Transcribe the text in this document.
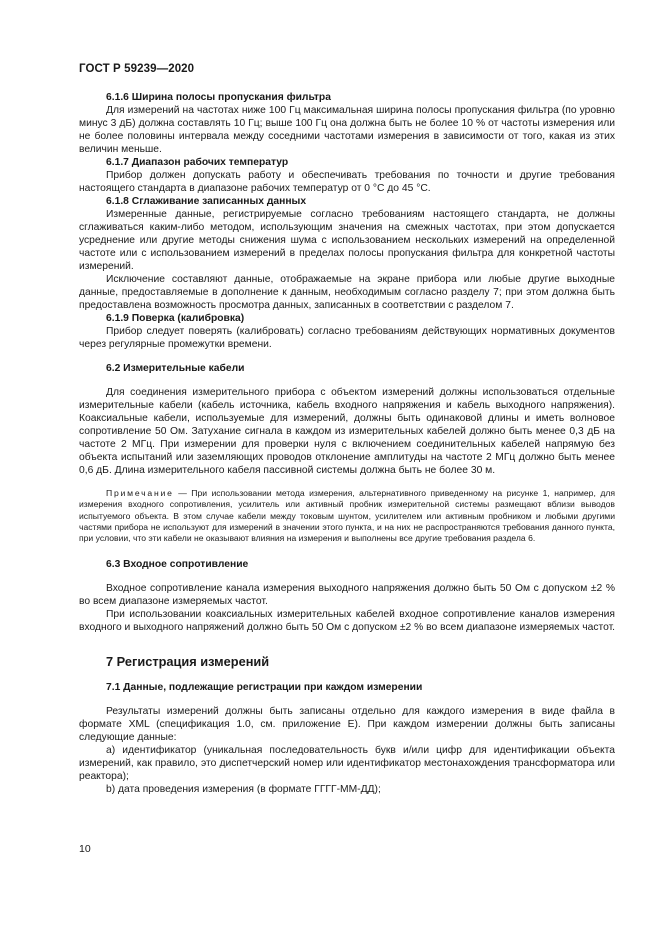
ГОСТ Р 59239—2020
6.1.6 Ширина полосы пропускания фильтра

Для измерений на частотах ниже 100 Гц максимальная ширина полосы пропускания фильтра (по уровню минус 3 дБ) должна составлять 10 Гц; выше 100 Гц она должна быть не более 10 % от частоты измерения или не более половины интервала между соседними частотами измерения в зависимости от того, какая из этих величин меньше.

6.1.7 Диапазон рабочих температур

Прибор должен допускать работу и обеспечивать требования по точности и другие требования настоящего стандарта в диапазоне рабочих температур от 0 °C до 45 °C.

6.1.8 Сглаживание записанных данных

Измеренные данные, регистрируемые согласно требованиям настоящего стандарта, не должны сглаживаться каким-либо методом, использующим значения на смежных частотах, при этом допускается усреднение или другие методы снижения шума с использованием нескольких измерений на определенной частоте или с использованием измерений в пределах полосы пропускания фильтра для конкретной частоты измерений.

Исключение составляют данные, отображаемые на экране прибора или любые другие выходные данные, предоставляемые в дополнение к данным, необходимым согласно разделу 7; при этом должна быть предоставлена возможность просмотра данных, записанных в соответствии с разделом 7.

6.1.9 Поверка (калибровка)

Прибор следует поверять (калибровать) согласно требованиям действующих нормативных документов через регулярные промежутки времени.

6.2 Измерительные кабели

Для соединения измерительного прибора с объектом измерений должны использоваться отдельные измерительные кабели (кабель источника, кабель входного напряжения и кабель выходного напряжения). Коаксиальные кабели, используемые для измерений, должны быть одинаковой длины и иметь волновое сопротивление 50 Ом. Затухание сигнала в каждом из измерительных кабелей должно быть менее 0,3 дБ на частоте 2 МГц. При измерении для проверки нуля с включением соединительных кабелей напрямую без объекта испытаний или заземляющих проводов отклонение амплитуды на частоте 2 МГц должно быть менее 0,6 дБ. Длина измерительного кабеля пассивной системы должна быть не более 30 м.

Примечание — При использовании метода измерения, альтернативного приведенному на рисунке 1, например, для измерения входного сопротивления, усилитель или активный пробник измерительной системы размещают вблизи выводов испытуемого объекта. В этом случае кабели между токовым шунтом, усилителем или активным пробником и любыми другими частями прибора не используют для измерений в значении этого пункта, и на них не распространяются требования данного пункта, при условии, что эти кабели не оказывают влияния на измерения и выполнены все другие требования раздела 6.

6.3 Входное сопротивление

Входное сопротивление канала измерения выходного напряжения должно быть 50 Ом с допуском ±2 % во всем диапазоне измеряемых частот.

При использовании коаксиальных измерительных кабелей входное сопротивление каналов измерения входного и выходного напряжений должно быть 50 Ом с допуском ±2 % во всем диапазоне измеряемых частот.

7 Регистрация измерений
7.1 Данные, подлежащие регистрации при каждом измерении

Результаты измерений должны быть записаны отдельно для каждого измерения в виде файла в формате XML (спецификация 1.0, см. приложение Е). При каждом измерении должны быть записаны следующие данные:

а) идентификатор (уникальная последовательность букв и/или цифр для идентификации объекта измерений, как правило, это диспетчерский номер или идентификатор местонахождения трансформатора или реактора);

b) дата проведения измерения (в формате ГГГГ-ММ-ДД);

10
